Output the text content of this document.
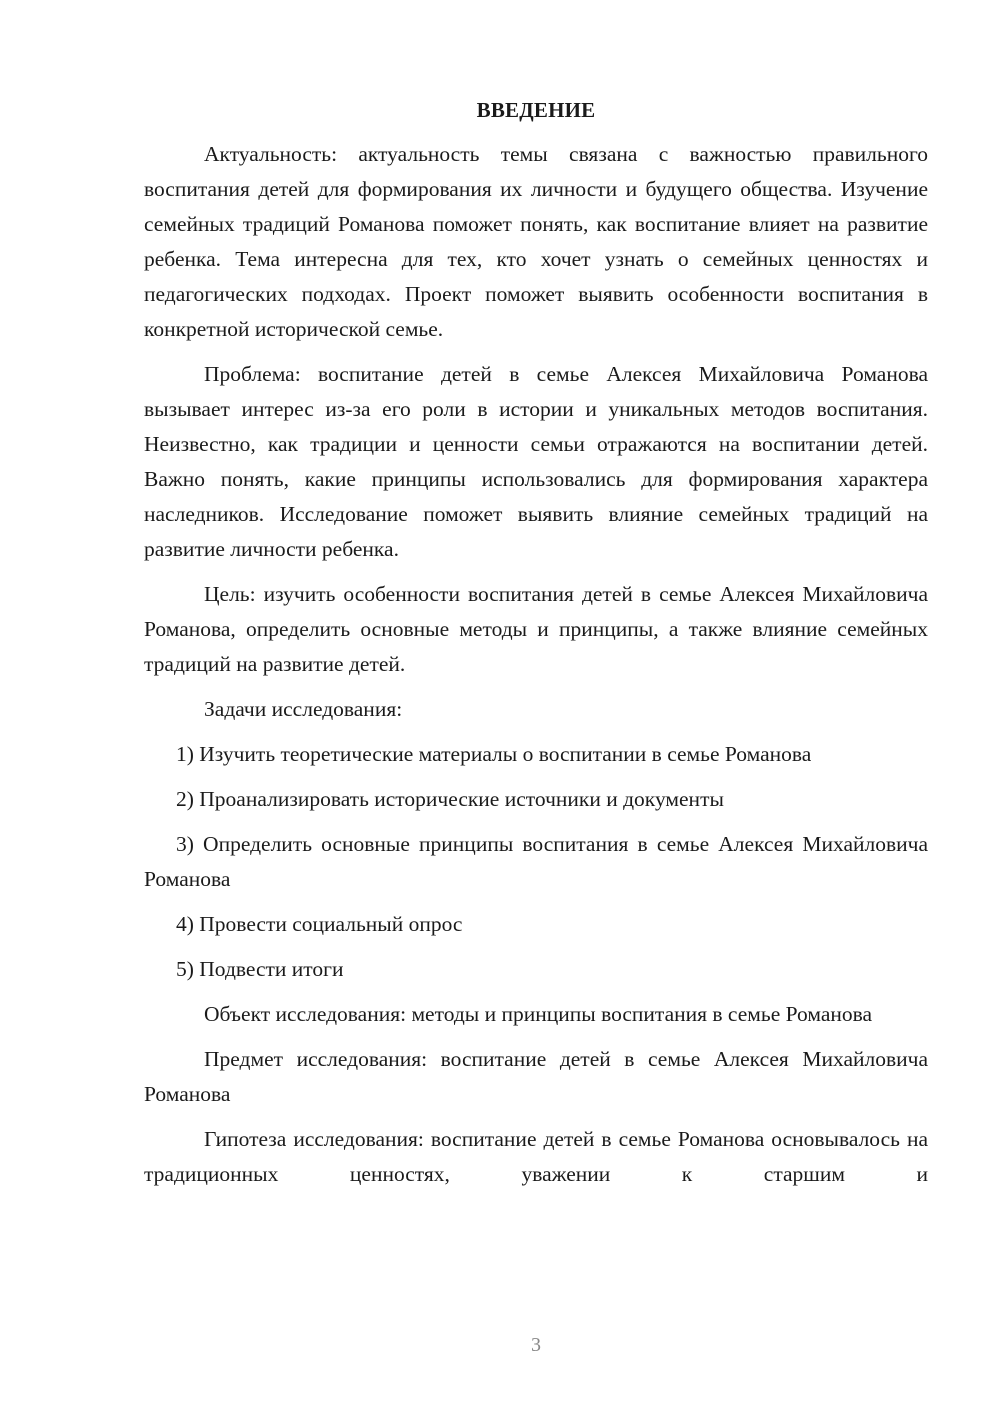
ВВЕДЕНИЕ

Актуальность: актуальность темы связана с важностью правильного воспитания детей для формирования их личности и будущего общества. Изучение семейных традиций Романова поможет понять, как воспитание влияет на развитие ребенка. Тема интересна для тех, кто хочет узнать о семейных ценностях и педагогических подходах. Проект поможет выявить особенности воспитания в конкретной исторической семье.

Проблема: воспитание детей в семье Алексея Михайловича Романова вызывает интерес из-за его роли в истории и уникальных методов воспитания. Неизвестно, как традиции и ценности семьи отражаются на воспитании детей. Важно понять, какие принципы использовались для формирования характера наследников. Исследование поможет выявить влияние семейных традиций на развитие личности ребенка.

Цель: изучить особенности воспитания детей в семье Алексея Михайловича Романова, определить основные методы и принципы, а также влияние семейных традиций на развитие детей.

Задачи исследования:

1) Изучить теоретические материалы о воспитании в семье Романова

2) Проанализировать исторические источники и документы

3) Определить основные принципы воспитания в семье Алексея Михайловича Романова

4) Провести социальный опрос

5) Подвести итоги

Объект исследования: методы и принципы воспитания в семье Романова

Предмет исследования: воспитание детей в семье Алексея Михайловича Романова

Гипотеза исследования: воспитание детей в семье Романова основывалось на традиционных ценностях, уважении к старшим и

3
